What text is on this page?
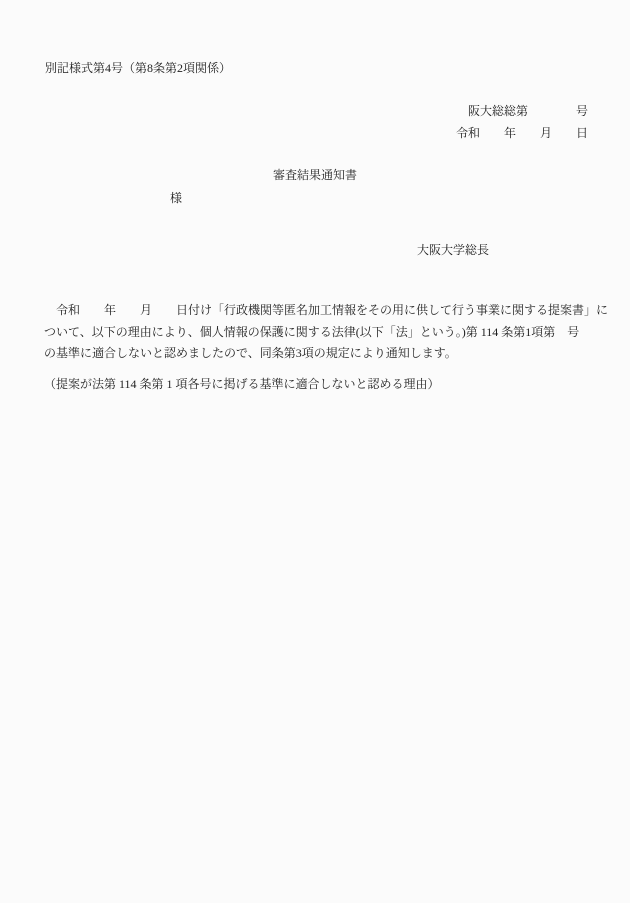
別記様式第4号（第8条第2項関係）
阪大総総第　　　　号
令和　　年　　月　　日
審査結果通知書
様
大阪大学総長
　令和　　年　　月　　日付け「行政機関等匿名加工情報をその用に供して行う事業に関する提案書」に
ついて、以下の理由により、個人情報の保護に関する法律(以下「法」という。)第 114 条第1項第　号
の基準に適合しないと認めましたので、同条第3項の規定により通知します。
（提案が法第 114 条第 1 項各号に掲げる基準に適合しないと認める理由）
